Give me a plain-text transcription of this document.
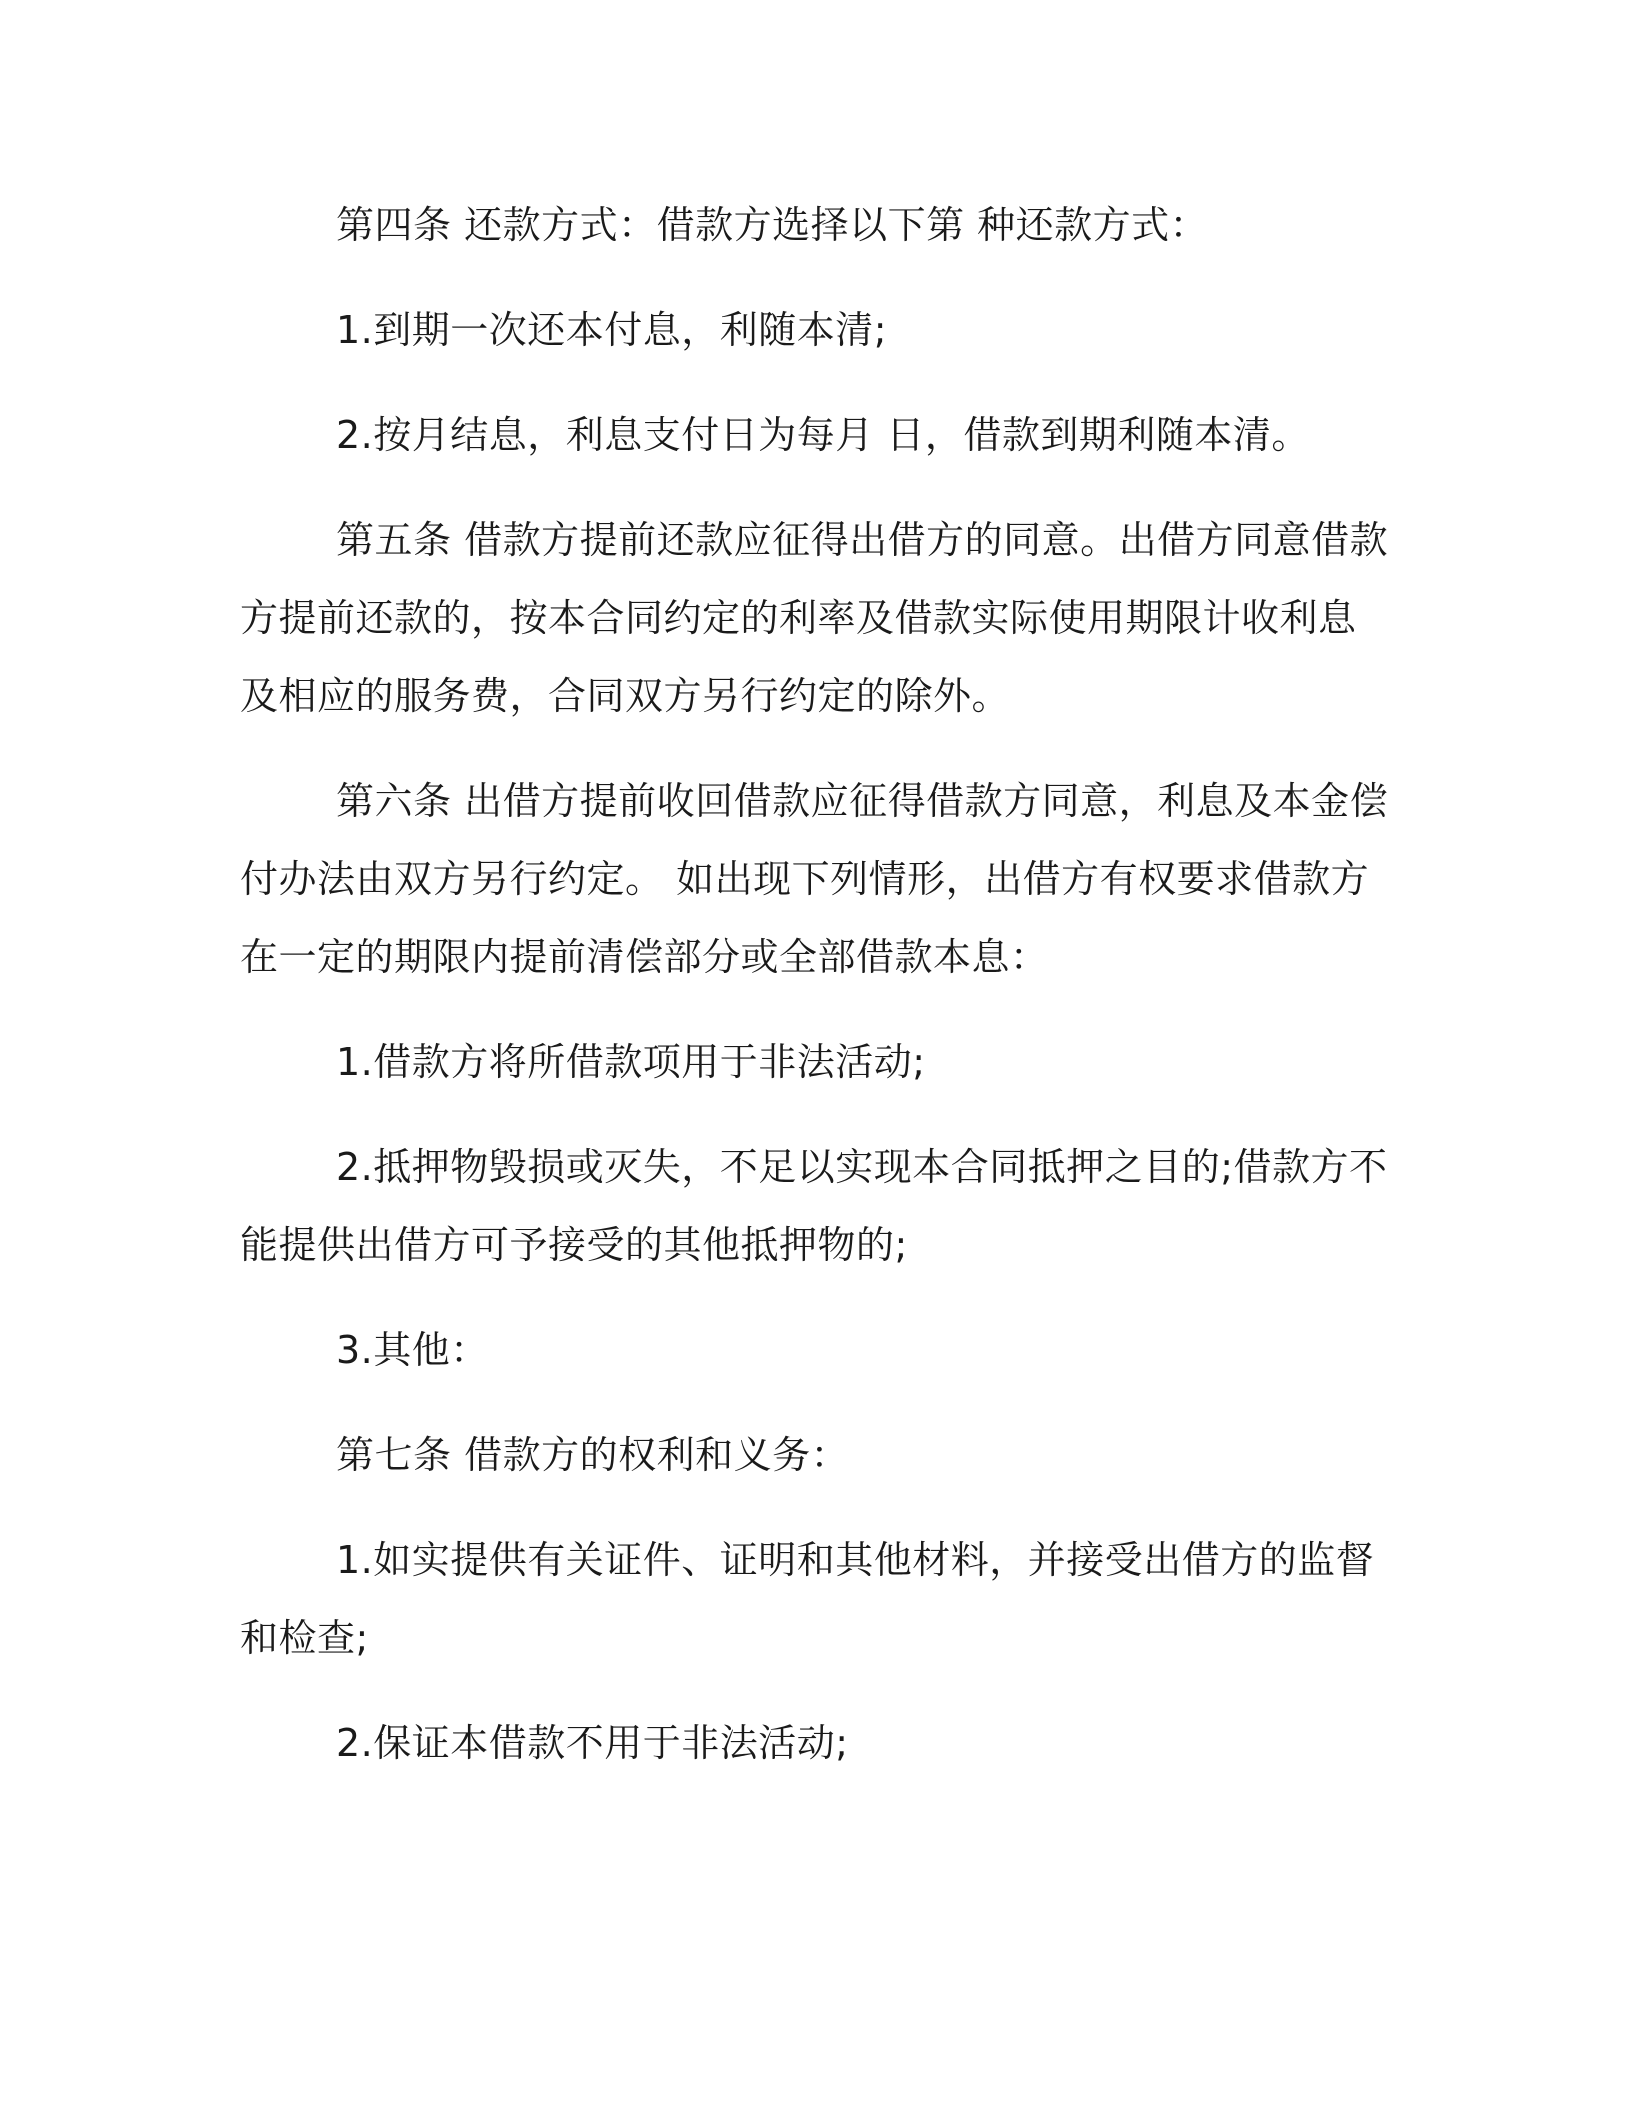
第四条 还款方式：借款方选择以下第 种还款方式：

1.到期一次还本付息，利随本清;

2.按月结息，利息支付日为每月 日，借款到期利随本清。

第五条 借款方提前还款应征得出借方的同意。出借方同意借款方提前还款的，按本合同约定的利率及借款实际使用期限计收利息及相应的服务费，合同双方另行约定的除外。

第六条 出借方提前收回借款应征得借款方同意，利息及本金偿付办法由双方另行约定。 如出现下列情形，出借方有权要求借款方在一定的期限内提前清偿部分或全部借款本息：

1.借款方将所借款项用于非法活动;

2.抵押物毁损或灭失，不足以实现本合同抵押之目的;借款方不能提供出借方可予接受的其他抵押物的;

3.其他：

第七条 借款方的权利和义务：

1.如实提供有关证件、证明和其他材料，并接受出借方的监督和检查;

2.保证本借款不用于非法活动;
